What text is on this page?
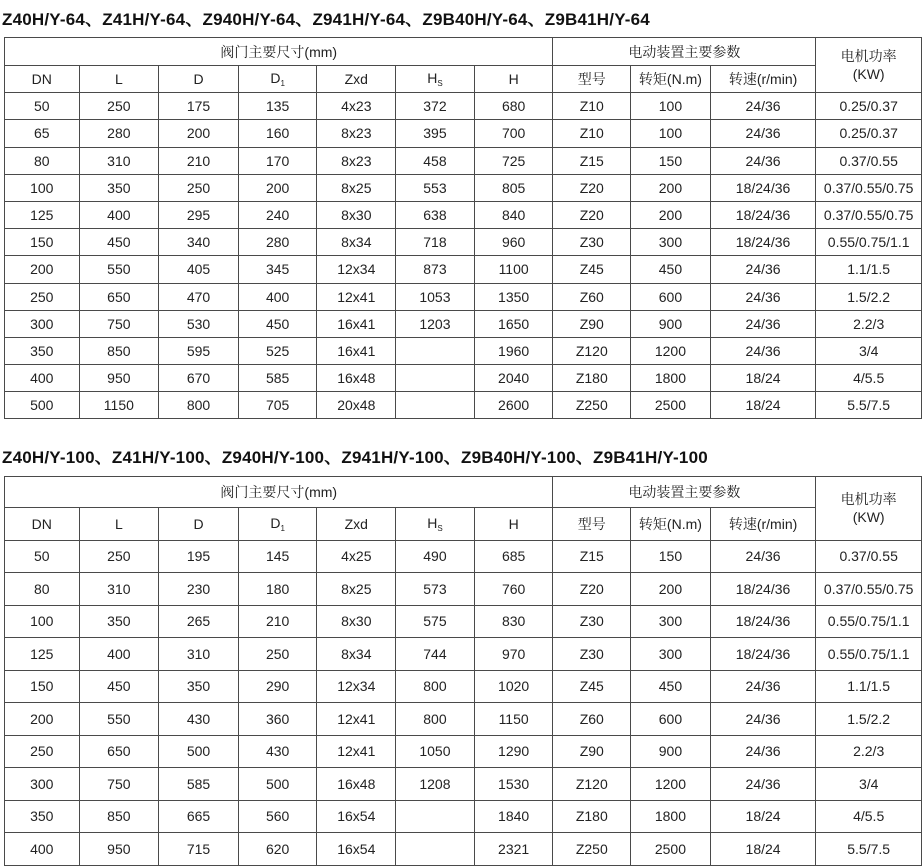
Z40H/Y-64、Z41H/Y-64、Z940H/Y-64、Z941H/Y-64、Z9B40H/Y-64、Z9B41H/Y-64
阀门主要尺寸(mm)							电动装置主要参数			电机功率
(KW)
DN	L	D	$D_1$	Zxd	$H_S$	H	型号	转矩(N.m)	转速(r/min)	
50	250	175	135	4x23	372	680	Z10	100	24/36	0.25/0.37
65	280	200	160	8x23	395	700	Z10	100	24/36	0.25/0.37
80	310	210	170	8x23	458	725	Z15	150	24/36	0.37/0.55
100	350	250	200	8x25	553	805	Z20	200	18/24/36	0.37/0.55/0.75
125	400	295	240	8x30	638	840	Z20	200	18/24/36	0.37/0.55/0.75
150	450	340	280	8x34	718	960	Z30	300	18/24/36	0.55/0.75/1.1
200	550	405	345	12x34	873	1100	Z45	450	24/36	1.1/1.5
250	650	470	400	12x41	1053	1350	Z60	600	24/36	1.5/2.2
300	750	530	450	16x41	1203	1650	Z90	900	24/36	2.2/3
350	850	595	525	16x41		1960	Z120	1200	24/36	3/4
400	950	670	585	16x48		2040	Z180	1800	18/24	4/5.5
500	1150	800	705	20x48		2600	Z250	2500	18/24	5.5/7.5
Z40H/Y-100、Z41H/Y-100、Z940H/Y-100、Z941H/Y-100、Z9B40H/Y-100、Z9B41H/Y-100
阀门主要尺寸(mm)							电动装置主要参数			电机功率
(KW)
DN	L	D	$D_1$	Zxd	$H_S$	H	型号	转矩(N.m)	转速(r/min)	
50	250	195	145	4x25	490	685	Z15	150	24/36	0.37/0.55
80	310	230	180	8x25	573	760	Z20	200	18/24/36	0.37/0.55/0.75
100	350	265	210	8x30	575	830	Z30	300	18/24/36	0.55/0.75/1.1
125	400	310	250	8x34	744	970	Z30	300	18/24/36	0.55/0.75/1.1
150	450	350	290	12x34	800	1020	Z45	450	24/36	1.1/1.5
200	550	430	360	12x41	800	1150	Z60	600	24/36	1.5/2.2
250	650	500	430	12x41	1050	1290	Z90	900	24/36	2.2/3
300	750	585	500	16x48	1208	1530	Z120	1200	24/36	3/4
350	850	665	560	16x54		1840	Z180	1800	18/24	4/5.5
400	950	715	620	16x54		2321	Z250	2500	18/24	5.5/7.5
